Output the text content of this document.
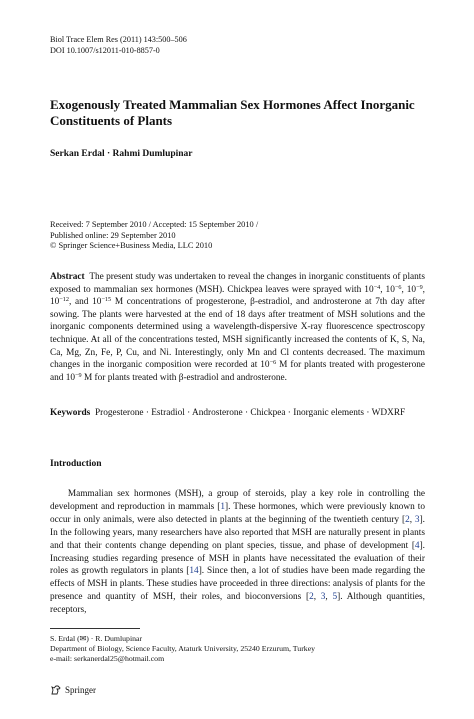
Biol Trace Elem Res (2011) 143:500–506
DOI 10.1007/s12011-010-8857-0
Exogenously Treated Mammalian Sex Hormones Affect Inorganic Constituents of Plants
Serkan Erdal · Rahmi Dumlupinar
Received: 7 September 2010 / Accepted: 15 September 2010 /
Published online: 29 September 2010
© Springer Science+Business Media, LLC 2010
Abstract The present study was undertaken to reveal the changes in inorganic constituents of plants exposed to mammalian sex hormones (MSH). Chickpea leaves were sprayed with $10^{-4}$, $10^{-6}$, $10^{-9}$, $10^{-12}$, and $10^{-15}$ M concentrations of progesterone, β-estradiol, and androsterone at 7th day after sowing. The plants were harvested at the end of 18 days after treatment of MSH solutions and the inorganic components determined using a wavelength-dispersive X-ray fluorescence spectroscopy technique. At all of the concentrations tested, MSH significantly increased the contents of K, S, Na, Ca, Mg, Zn, Fe, P, Cu, and Ni. Interestingly, only Mn and Cl contents decreased. The maximum changes in the inorganic composition were recorded at $10^{-6}$ M for plants treated with progesterone and $10^{-9}$ M for plants treated with β-estradiol and androsterone.
Keywords Progesterone · Estradiol · Androsterone · Chickpea · Inorganic elements · WDXRF
Introduction
Mammalian sex hormones (MSH), a group of steroids, play a key role in controlling the development and reproduction in mammals [1]. These hormones, which were previously known to occur in only animals, were also detected in plants at the beginning of the twentieth century [2, 3]. In the following years, many researchers have also reported that MSH are naturally present in plants and that their contents change depending on plant species, tissue, and phase of development [4]. Increasing studies regarding presence of MSH in plants have necessitated the evaluation of their roles as growth regulators in plants [14]. Since then, a lot of studies have been made regarding the effects of MSH in plants. These studies have proceeded in three directions: analysis of plants for the presence and quantity of MSH, their roles, and bioconversions [2, 3, 5]. Although quantities, receptors,
S. Erdal (✉) · R. Dumlupinar
Department of Biology, Science Faculty, Ataturk University, 25240 Erzurum, Turkey
e-mail: serkanerdal25@hotmail.com
Springer
